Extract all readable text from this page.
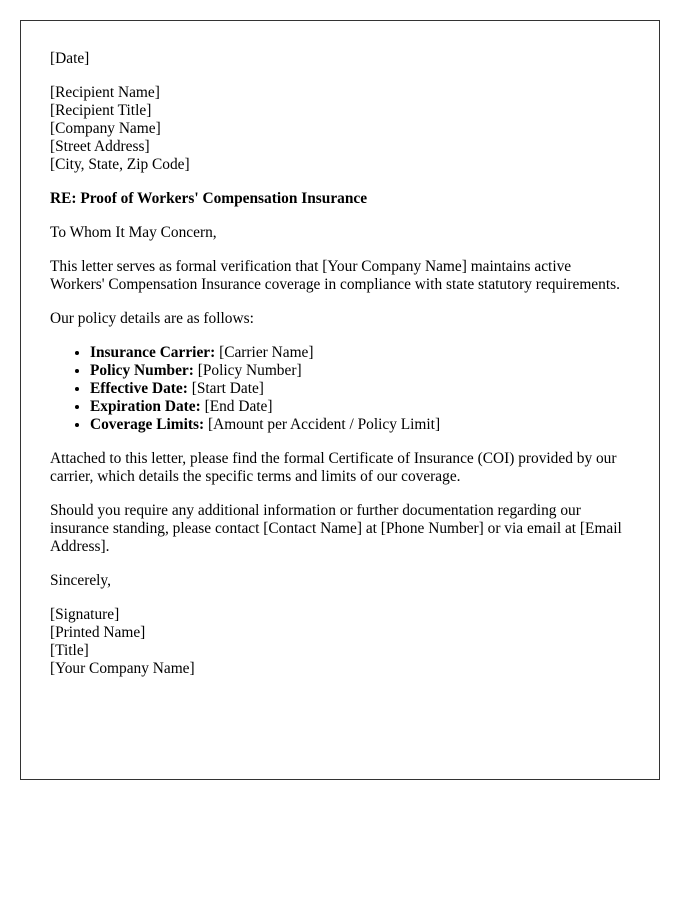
[Date]

[Recipient Name]
[Recipient Title]
[Company Name]
[Street Address]
[City, State, Zip Code]

RE: Proof of Workers' Compensation Insurance

To Whom It May Concern,

This letter serves as formal verification that [Your Company Name] maintains active Workers' Compensation Insurance coverage in compliance with state statutory requirements.

Our policy details are as follows:

• Insurance Carrier: [Carrier Name]
• Policy Number: [Policy Number]
• Effective Date: [Start Date]
• Expiration Date: [End Date]
• Coverage Limits: [Amount per Accident / Policy Limit]

Attached to this letter, please find the formal Certificate of Insurance (COI) provided by our carrier, which details the specific terms and limits of our coverage.

Should you require any additional information or further documentation regarding our insurance standing, please contact [Contact Name] at [Phone Number] or via email at [Email Address].

Sincerely,

[Signature]
[Printed Name]
[Title]
[Your Company Name]
